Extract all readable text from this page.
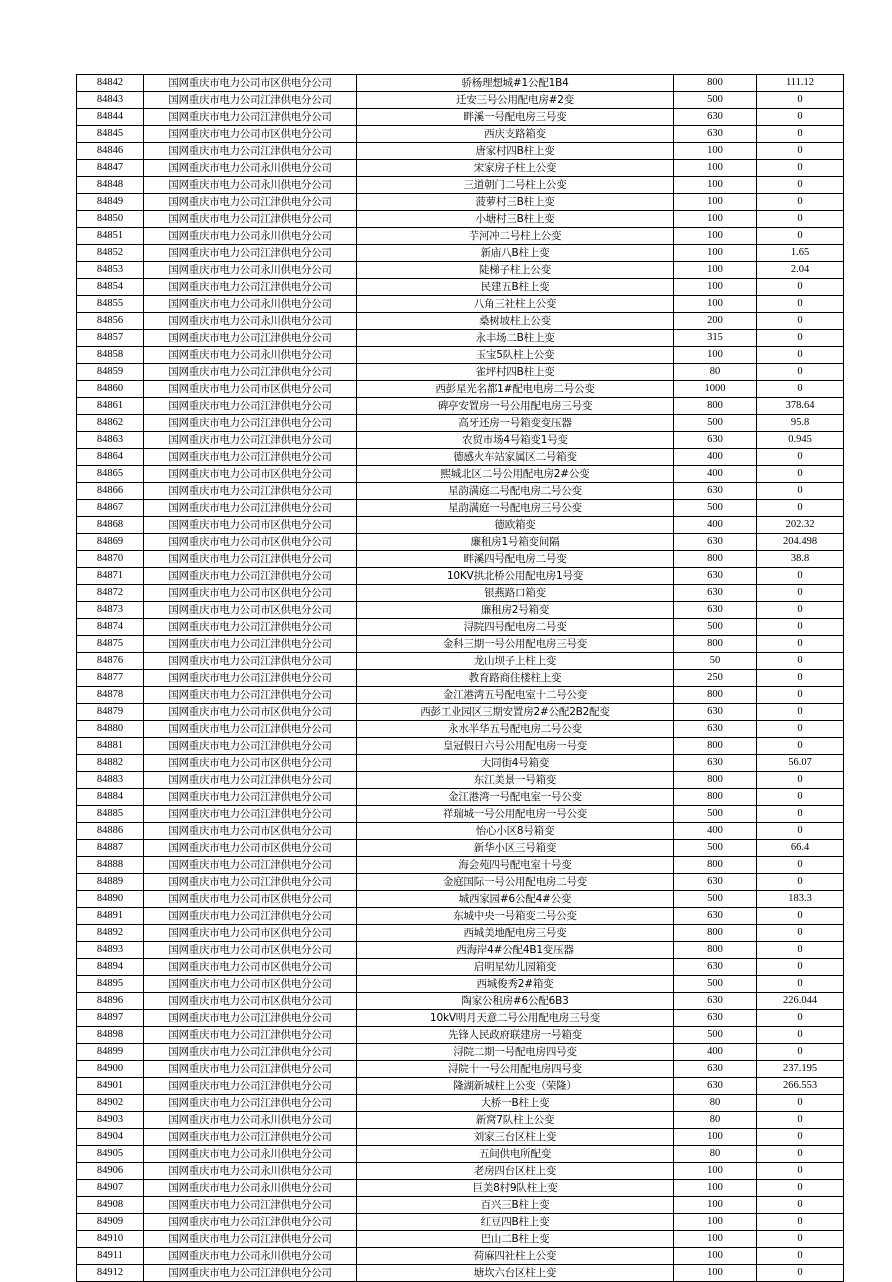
84842	国网重庆市电力公司市区供电分公司	骄杨理想城#1公配1B4	800	111.12
84843	国网重庆市电力公司江津供电分公司	迁安三号公用配电房#2变	500	0
84844	国网重庆市电力公司江津供电分公司	畔溪一号配电房三号变	630	0
84845	国网重庆市电力公司市区供电分公司	西庆支路箱变	630	0
84846	国网重庆市电力公司江津供电分公司	唐家村四B柱上变	100	0
84847	国网重庆市电力公司永川供电分公司	宋家房子柱上公变	100	0
84848	国网重庆市电力公司永川供电分公司	三道朝门二号柱上公变	100	0
84849	国网重庆市电力公司江津供电分公司	菠萝村三B柱上变	100	0
84850	国网重庆市电力公司江津供电分公司	小塘村三B柱上变	100	0
84851	国网重庆市电力公司永川供电分公司	芋河冲二号柱上公变	100	0
84852	国网重庆市电力公司江津供电分公司	新庙八B柱上变	100	1.65
84853	国网重庆市电力公司永川供电分公司	陡梯子柱上公变	100	2.04
84854	国网重庆市电力公司江津供电分公司	民建五B柱上变	100	0
84855	国网重庆市电力公司永川供电分公司	八角三社柱上公变	100	0
84856	国网重庆市电力公司永川供电分公司	桑树坡柱上公变	200	0
84857	国网重庆市电力公司江津供电分公司	永丰场二B柱上变	315	0
84858	国网重庆市电力公司永川供电分公司	玉宝5队柱上公变	100	0
84859	国网重庆市电力公司江津供电分公司	雀坪村四B柱上变	80	0
84860	国网重庆市电力公司市区供电分公司	西彭星光名都1#配电电房二号公变	1000	0
84861	国网重庆市电力公司江津供电分公司	碑亭安置房一号公用配电房三号变	800	378.64
84862	国网重庆市电力公司江津供电分公司	高牙还房一号箱变变压器	500	95.8
84863	国网重庆市电力公司江津供电分公司	农贸市场4号箱变1号变	630	0.945
84864	国网重庆市电力公司江津供电分公司	德感火车站家属区二号箱变	400	0
84865	国网重庆市电力公司市区供电分公司	熙城北区二号公用配电房2#公变	400	0
84866	国网重庆市电力公司江津供电分公司	星韵满庭二号配电房二号公变	630	0
84867	国网重庆市电力公司江津供电分公司	星韵满庭一号配电房三号公变	500	0
84868	国网重庆市电力公司市区供电分公司	德欧箱变	400	202.32
84869	国网重庆市电力公司市区供电分公司	廉租房1号箱变间隔	630	204.498
84870	国网重庆市电力公司江津供电分公司	畔溪四号配电房二号变	800	38.8
84871	国网重庆市电力公司江津供电分公司	10KV拱北桥公用配电房1号变	630	0
84872	国网重庆市电力公司市区供电分公司	银燕路口箱变	630	0
84873	国网重庆市电力公司市区供电分公司	廉租房2号箱变	630	0
84874	国网重庆市电力公司江津供电分公司	浔院四号配电房二号变	500	0
84875	国网重庆市电力公司江津供电分公司	金科三期一号公用配电房三号变	800	0
84876	国网重庆市电力公司江津供电分公司	龙山坝子上柱上变	50	0
84877	国网重庆市电力公司江津供电分公司	教育路商住楼柱上变	250	0
84878	国网重庆市电力公司江津供电分公司	金江港湾五号配电室十二号公变	800	0
84879	国网重庆市电力公司市区供电分公司	西彭工业园区三期安置房2#公配2B2配变	630	0
84880	国网重庆市电力公司江津供电分公司	永水半华五号配电房二号公变	630	0
84881	国网重庆市电力公司江津供电分公司	皇冠假日六号公用配电房一号变	800	0
84882	国网重庆市电力公司市区供电分公司	大同街4号箱变	630	56.07
84883	国网重庆市电力公司江津供电分公司	东江美景一号箱变	800	0
84884	国网重庆市电力公司江津供电分公司	金江港湾一号配电室一号公变	800	0
84885	国网重庆市电力公司江津供电分公司	祥瑞城一号公用配电房一号公变	500	0
84886	国网重庆市电力公司市区供电分公司	怡心小区8号箱变	400	0
84887	国网重庆市电力公司市区供电分公司	新华小区三号箱变	500	66.4
84888	国网重庆市电力公司江津供电分公司	海会苑四号配电室十号变	800	0
84889	国网重庆市电力公司江津供电分公司	金庭国际一号公用配电房二号变	630	0
84890	国网重庆市电力公司市区供电分公司	城西家园#6公配4#公变	500	183.3
84891	国网重庆市电力公司江津供电分公司	东城中央一号箱变二号公变	630	0
84892	国网重庆市电力公司市区供电分公司	西城美地配电房三号变	800	0
84893	国网重庆市电力公司市区供电分公司	西海岸4#公配4B1变压器	800	0
84894	国网重庆市电力公司市区供电分公司	启明星幼儿园箱变	630	0
84895	国网重庆市电力公司市区供电分公司	西城俊秀2#箱变	500	0
84896	国网重庆市电力公司市区供电分公司	陶家公租房#6公配6B3	630	226.044
84897	国网重庆市电力公司江津供电分公司	10kV明月天意二号公用配电房三号变	630	0
84898	国网重庆市电力公司江津供电分公司	先锋人民政府联建房一号箱变	500	0
84899	国网重庆市电力公司江津供电分公司	浔院二期一号配电房四号变	400	0
84900	国网重庆市电力公司江津供电分公司	浔院十一号公用配电房四号变	630	237.195
84901	国网重庆市电力公司江津供电分公司	隆湖新城柱上公变（荣隆）	630	266.553
84902	国网重庆市电力公司江津供电分公司	大桥一B柱上变	80	0
84903	国网重庆市电力公司永川供电分公司	新窝7队柱上公变	80	0
84904	国网重庆市电力公司江津供电分公司	刘家三台区柱上变	100	0
84905	国网重庆市电力公司永川供电分公司	五间供电所配变	80	0
84906	国网重庆市电力公司永川供电分公司	老房四台区柱上变	100	0
84907	国网重庆市电力公司永川供电分公司	巨美8村9队柱上变	100	0
84908	国网重庆市电力公司江津供电分公司	百兴三B柱上变	100	0
84909	国网重庆市电力公司江津供电分公司	红豆四B柱上变	100	0
84910	国网重庆市电力公司江津供电分公司	巴山二B柱上变	100	0
84911	国网重庆市电力公司永川供电分公司	荷麻四社柱上公变	100	0
84912	国网重庆市电力公司江津供电分公司	塘坎六台区柱上变	100	0
